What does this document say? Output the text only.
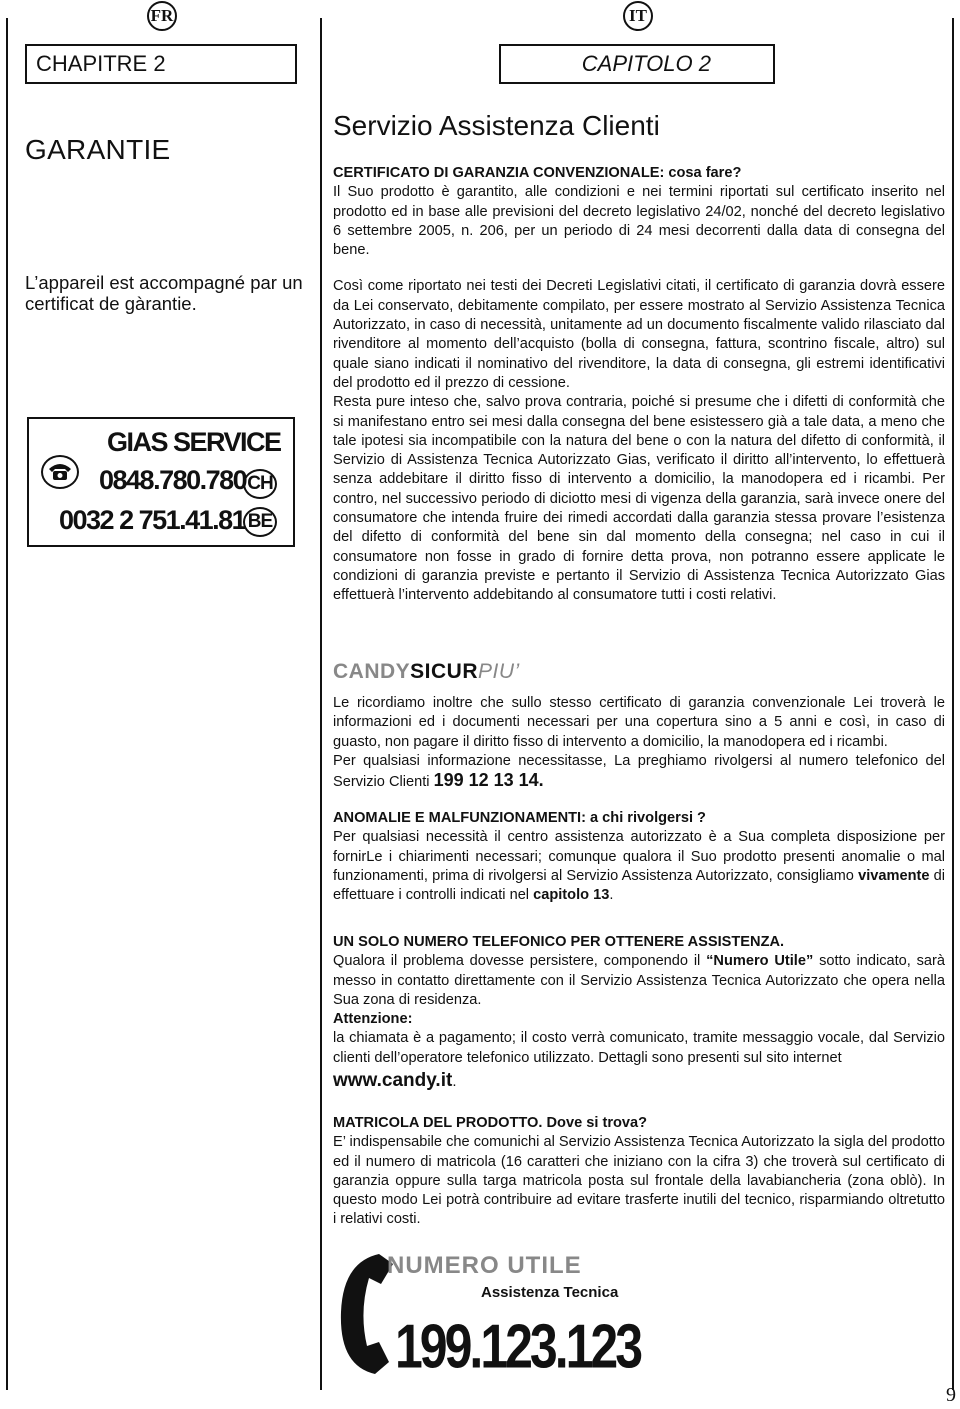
FR	IT
CHAPITRE 2	CAPITOLO 2
GARANTIE
L’appareil est accompagné par un certificat de gàrantie.
GIAS SERVICE
0848.780.780
0032 2 751.41.81
CH
BE
Servizio Assistenza Clienti
CERTIFICATO DI GARANZIA CONVENZIONALE: cosa fare?

Il Suo prodotto è garantito, alle condizioni e nei termini riportati sul certificato inserito nel prodotto ed in base alle previsioni del decreto legislativo 24/02, nonché del decreto legislativo 6 settembre 2005, n. 206, per un periodo di 24 mesi decorrenti dalla data di consegna del bene.

Così come riportato nei testi dei Decreti Legislativi citati, il certificato di garanzia dovrà essere da Lei conservato, debitamente compilato, per essere mostrato al Servizio Assistenza Tecnica Autorizzato, in caso di necessità, unitamente ad un documento fiscalmente valido rilasciato dal rivenditore al momento dell’acquisto (bolla di consegna, fattura, scontrino fiscale, altro) sul quale siano indicati il nominativo del rivenditore, la data di consegna, gli estremi identificativi del prodotto ed il prezzo di cessione.

Resta pure inteso che, salvo prova contraria, poiché si presume che i difetti di conformità che si manifestano entro sei mesi dalla consegna del bene esistessero già a tale data, a meno che tale ipotesi sia incompatibile con la natura del bene o con la natura del difetto di conformità, il Servizio di Assistenza Tecnica Autorizzato Gias, verificato il diritto all’intervento, lo effettuerà senza addebitare il diritto fisso di intervento a domicilio, la manodopera ed i ricambi. Per contro, nel successivo periodo di diciotto mesi di vigenza della garanzia, sarà invece onere del consumatore che intenda fruire dei rimedi accordati dalla garanzia stessa provare l’esistenza del difetto di conformità del bene sin dal momento della consegna; nel caso in cui il consumatore non fosse in grado di fornire detta prova, non potranno essere applicate le condizioni di garanzia previste e pertanto il Servizio di Assistenza Tecnica Autorizzato Gias effettuerà l’intervento addebitando al consumatore tutti i costi relativi.

CANDYSICURPIU’

Le ricordiamo inoltre che sullo stesso certificato di garanzia convenzionale Lei troverà le informazioni ed i documenti necessari per una copertura sino a 5 anni e così, in caso di guasto, non pagare il diritto fisso di intervento a domicilio, la manodopera ed i ricambi.

Per qualsiasi informazione necessitasse, La preghiamo rivolgersi al numero telefonico del Servizio Clienti 199 12 13 14.

ANOMALIE E MALFUNZIONAMENTI: a chi rivolgersi ?

Per qualsiasi necessità il centro assistenza autorizzato è a Sua completa disposizione per fornirLe i chiarimenti necessari; comunque qualora il Suo prodotto presenti anomalie o mal funzionamenti, prima di rivolgersi al Servizio Assistenza Autorizzato, consigliamo vivamente di effettuare i controlli indicati nel capitolo 13.

UN SOLO NUMERO TELEFONICO PER OTTENERE ASSISTENZA.

Qualora il problema dovesse persistere, componendo il “Numero Utile” sotto indicato, sarà messo in contatto direttamente con il Servizio Assistenza Tecnica Autorizzato che opera nella Sua zona di residenza.

Attenzione:

la chiamata è a pagamento; il costo verrà comunicato, tramite messaggio vocale, dal Servizio clienti dell’operatore telefonico utilizzato. Dettagli sono presenti sul sito internet

www.candy.it.
MATRICOLA DEL PRODOTTO. Dove si trova?

E’ indispensabile che comunichi al Servizio Assistenza Tecnica Autorizzato la sigla del prodotto ed il numero di matricola (16 caratteri che iniziano con la cifra 3) che troverà sul certificato di garanzia oppure sulla targa matricola posta sul frontale della lavabiancheria (zona oblò). In questo modo Lei potrà contribuire ad evitare trasferte inutili del tecnico, risparmiando oltretutto i relativi costi.

NUMERO UTILE
Assistenza Tecnica
199.123.123
9
